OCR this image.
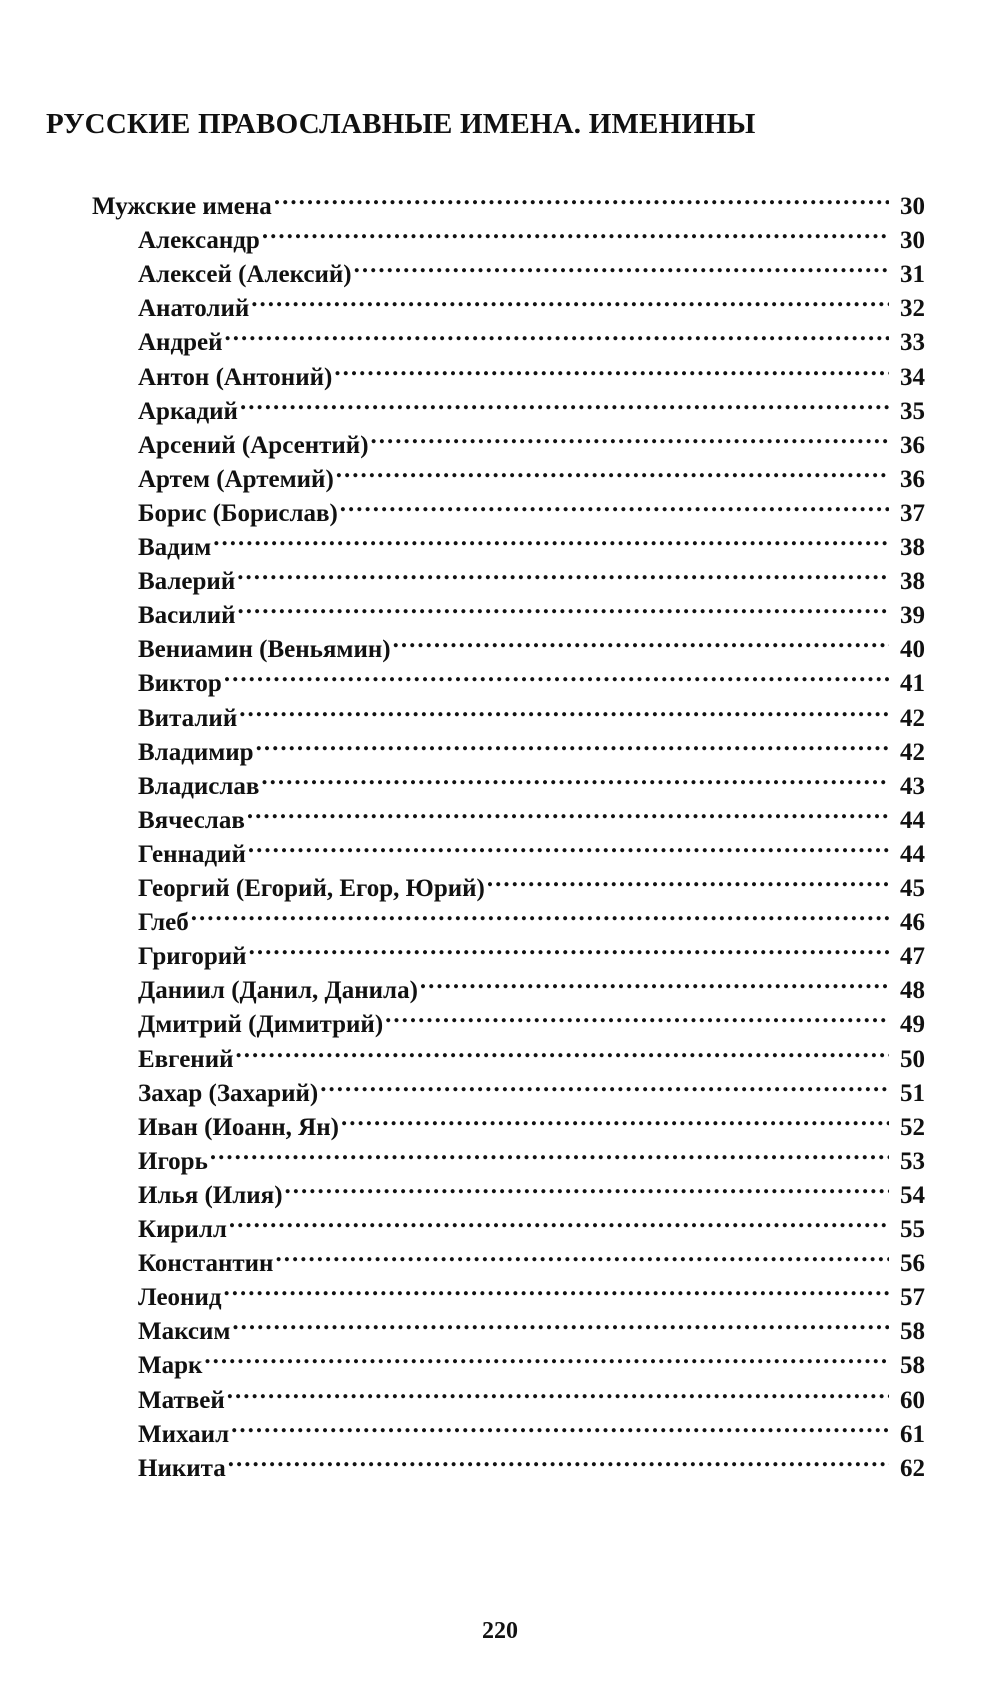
РУССКИЕ ПРАВОСЛАВНЫЕ ИМЕНА. ИМЕНИНЫ
Мужские имена .....	30
Александр .....	30
Алексей (Алексий) .....	31
Анатолий .....	32
Андрей .....	33
Антон (Антоний) .....	34
Аркадий .....	35
Арсений (Арсентий) .....	36
Артем (Артемий) .....	36
Борис (Борислав) .....	37
Вадим .....	38
Валерий .....	38
Василий .....	39
Вениамин (Веньямин) .....	40
Виктор .....	41
Виталий .....	42
Владимир .....	42
Владислав .....	43
Вячеслав .....	44
Геннадий .....	44
Георгий (Егорий, Егор, Юрий) .....	45
Глеб .....	46
Григорий .....	47
Даниил (Данил, Данила) .....	48
Дмитрий (Димитрий) .....	49
Евгений .....	50
Захар (Захарий) .....	51
Иван (Иоанн, Ян) .....	52
Игорь .....	53
Илья (Илия) .....	54
Кирилл .....	55
Константин .....	56
Леонид .....	57
Максим .....	58
Марк .....	58
Матвей .....	60
Михаил .....	61
Никита .....	62
220
